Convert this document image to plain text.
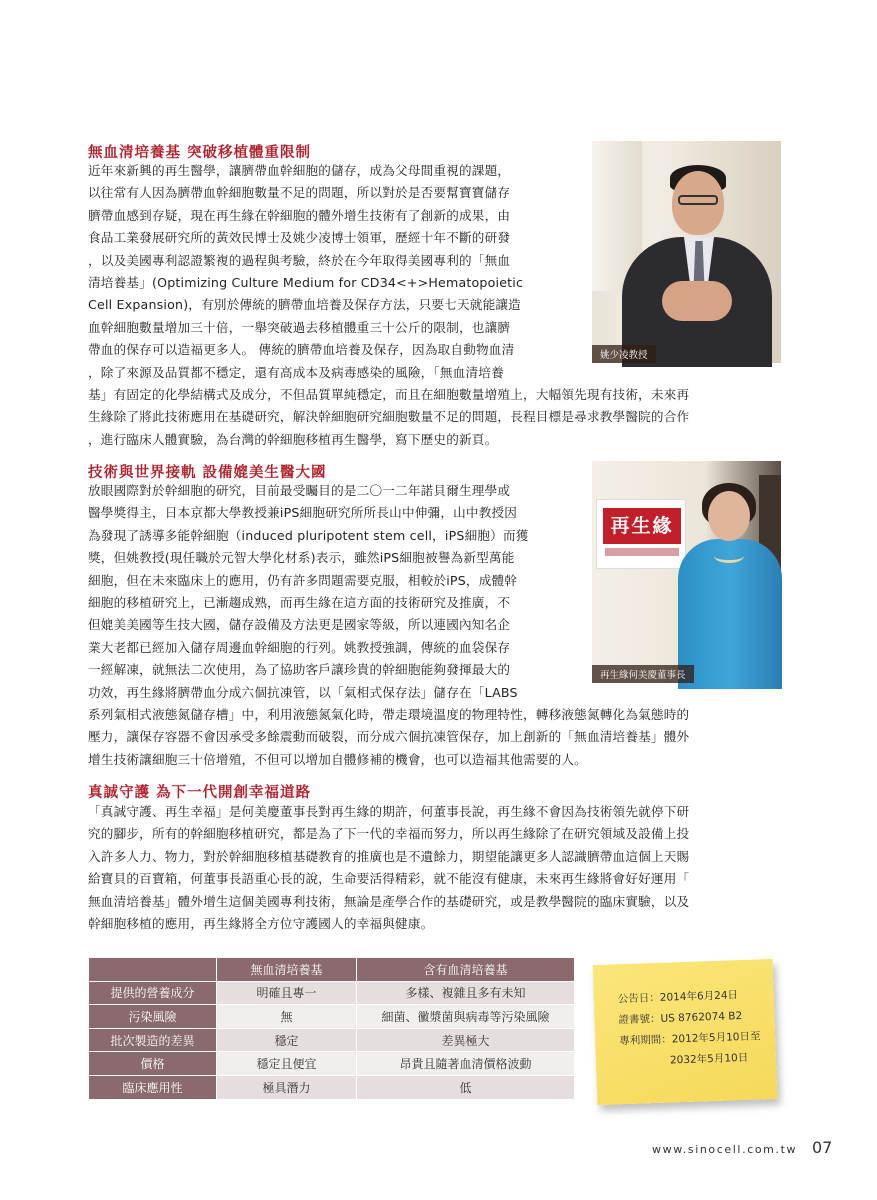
無血清培養基 突破移植體重限制
近年來新興的再生醫學，讓臍帶血幹細胞的儲存，成為父母間重視的課題，
以往常有人因為臍帶血幹細胞數量不足的問題，所以對於是否要幫寶寶儲存
臍帶血感到存疑，現在再生緣在幹細胞的體外增生技術有了創新的成果，由
食品工業發展研究所的黃效民博士及姚少凌博士領軍，歷經十年不斷的研發
，以及美國專利認證繁複的過程與考驗，終於在今年取得美國專利的「無血
清培養基」(Optimizing Culture Medium for CD34<+>Hematopoietic
Cell Expansion)，有別於傳統的臍帶血培養及保存方法，只要七天就能讓造
血幹細胞數量增加三十倍，一舉突破過去移植體重三十公斤的限制，也讓臍
帶血的保存可以造福更多人。 傳統的臍帶血培養及保存，因為取自動物血清
，除了來源及品質都不穩定，還有高成本及病毒感染的風險，「無血清培養
基」有固定的化學結構式及成分，不但品質單純穩定，而且在細胞數量增殖上，大幅領先現有技術，未來再
生緣除了將此技術應用在基礎研究，解決幹細胞研究細胞數量不足的問題，長程目標是尋求教學醫院的合作
，進行臨床人體實驗，為台灣的幹細胞移植再生醫學，寫下歷史的新頁。
姚少凌教授
技術與世界接軌 設備媲美生醫大國
放眼國際對於幹細胞的研究，目前最受矚目的是二〇一二年諾貝爾生理學或
醫學獎得主，日本京都大學教授兼iPS細胞研究所所長山中伸彌，山中教授因
為發現了誘導多能幹細胞（induced pluripotent stem cell，iPS細胞）而獲
獎，但姚教授(現任職於元智大學化材系)表示，雖然iPS細胞被譽為新型萬能
細胞，但在未來臨床上的應用，仍有許多問題需要克服，相較於iPS，成體幹
細胞的移植研究上，已漸趨成熟，而再生緣在這方面的技術研究及推廣，不
但媲美美國等生技大國，儲存設備及方法更是國家等級，所以連國內知名企
業大老都已經加入儲存周邊血幹細胞的行列。姚教授強調，傳統的血袋保存
一經解凍，就無法二次使用，為了協助客戶讓珍貴的幹細胞能夠發揮最大的
功效，再生緣將臍帶血分成六個抗凍管，以「氣相式保存法」儲存在「LABS
系列氣相式液態氮儲存槽」中，利用液態氮氣化時，帶走環境溫度的物理特性，轉移液態氮轉化為氣態時的
壓力，讓保存容器不會因承受多餘震動而破裂，而分成六個抗凍管保存，加上創新的「無血清培養基」體外
增生技術讓細胞三十倍增殖，不但可以增加自體修補的機會，也可以造福其他需要的人。
再生緣
再生緣何美慶董事長
真誠守護 為下一代開創幸福道路
「真誠守護、再生幸福」是何美慶董事長對再生緣的期許，何董事長說，再生緣不會因為技術領先就停下研
究的腳步，所有的幹細胞移植研究，都是為了下一代的幸福而努力，所以再生緣除了在研究領域及設備上投
入許多人力、物力，對於幹細胞移植基礎教育的推廣也是不遺餘力，期望能讓更多人認識臍帶血這個上天賜
給寶貝的百寶箱，何董事長語重心長的說，生命要活得精彩，就不能沒有健康，未來再生緣將會好好運用「
無血清培養基」體外增生這個美國專利技術，無論是產學合作的基礎研究，或是教學醫院的臨床實驗，以及
幹細胞移植的應用，再生緣將全方位守護國人的幸福與健康。
	無血清培養基	含有血清培養基
提供的營養成分	明確且專一	多樣、複雜且多有未知
污染風險	無	細菌、黴漿菌與病毒等污染風險
批次製造的差異	穩定	差異極大
價格	穩定且便宜	昂貴且隨著血清價格波動
臨床應用性	極具潛力	低
公告日：2014年6月24日
證書號：US 8762074 B2
專利期間：2012年5月10日至
2032年5月10日
www.sinocell.com.tw 07
